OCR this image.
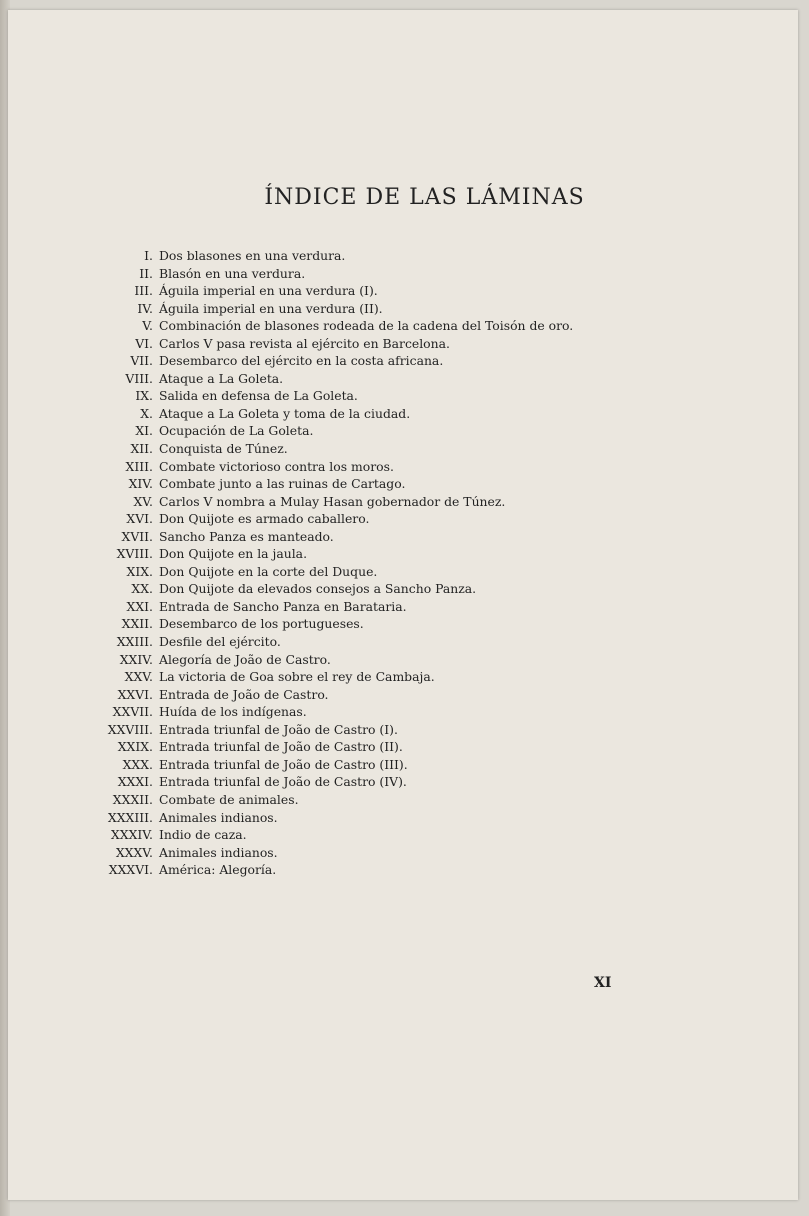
ÍNDICE DE LAS LÁMINAS
I. Dos blasones en una verdura.
II. Blasón en una verdura.
III. Águila imperial en una verdura (I).
IV. Águila imperial en una verdura (II).
V. Combinación de blasones rodeada de la cadena del Toisón de oro.
VI. Carlos V pasa revista al ejército en Barcelona.
VII. Desembarco del ejército en la costa africana.
VIII. Ataque a La Goleta.
IX. Salida en defensa de La Goleta.
X. Ataque a La Goleta y toma de la ciudad.
XI. Ocupación de La Goleta.
XII. Conquista de Túnez.
XIII. Combate victorioso contra los moros.
XIV. Combate junto a las ruinas de Cartago.
XV. Carlos V nombra a Mulay Hasan gobernador de Túnez.
XVI. Don Quijote es armado caballero.
XVII. Sancho Panza es manteado.
XVIII. Don Quijote en la jaula.
XIX. Don Quijote en la corte del Duque.
XX. Don Quijote da elevados consejos a Sancho Panza.
XXI. Entrada de Sancho Panza en Barataria.
XXII. Desembarco de los portugueses.
XXIII. Desfile del ejército.
XXIV. Alegoría de João de Castro.
XXV. La victoria de Goa sobre el rey de Cambaja.
XXVI. Entrada de João de Castro.
XXVII. Huída de los indígenas.
XXVIII. Entrada triunfal de João de Castro (I).
XXIX. Entrada triunfal de João de Castro (II).
XXX. Entrada triunfal de João de Castro (III).
XXXI. Entrada triunfal de João de Castro (IV).
XXXII. Combate de animales.
XXXIII. Animales indianos.
XXXIV. Indio de caza.
XXXV. Animales indianos.
XXXVI. América: Alegoría.
XI
